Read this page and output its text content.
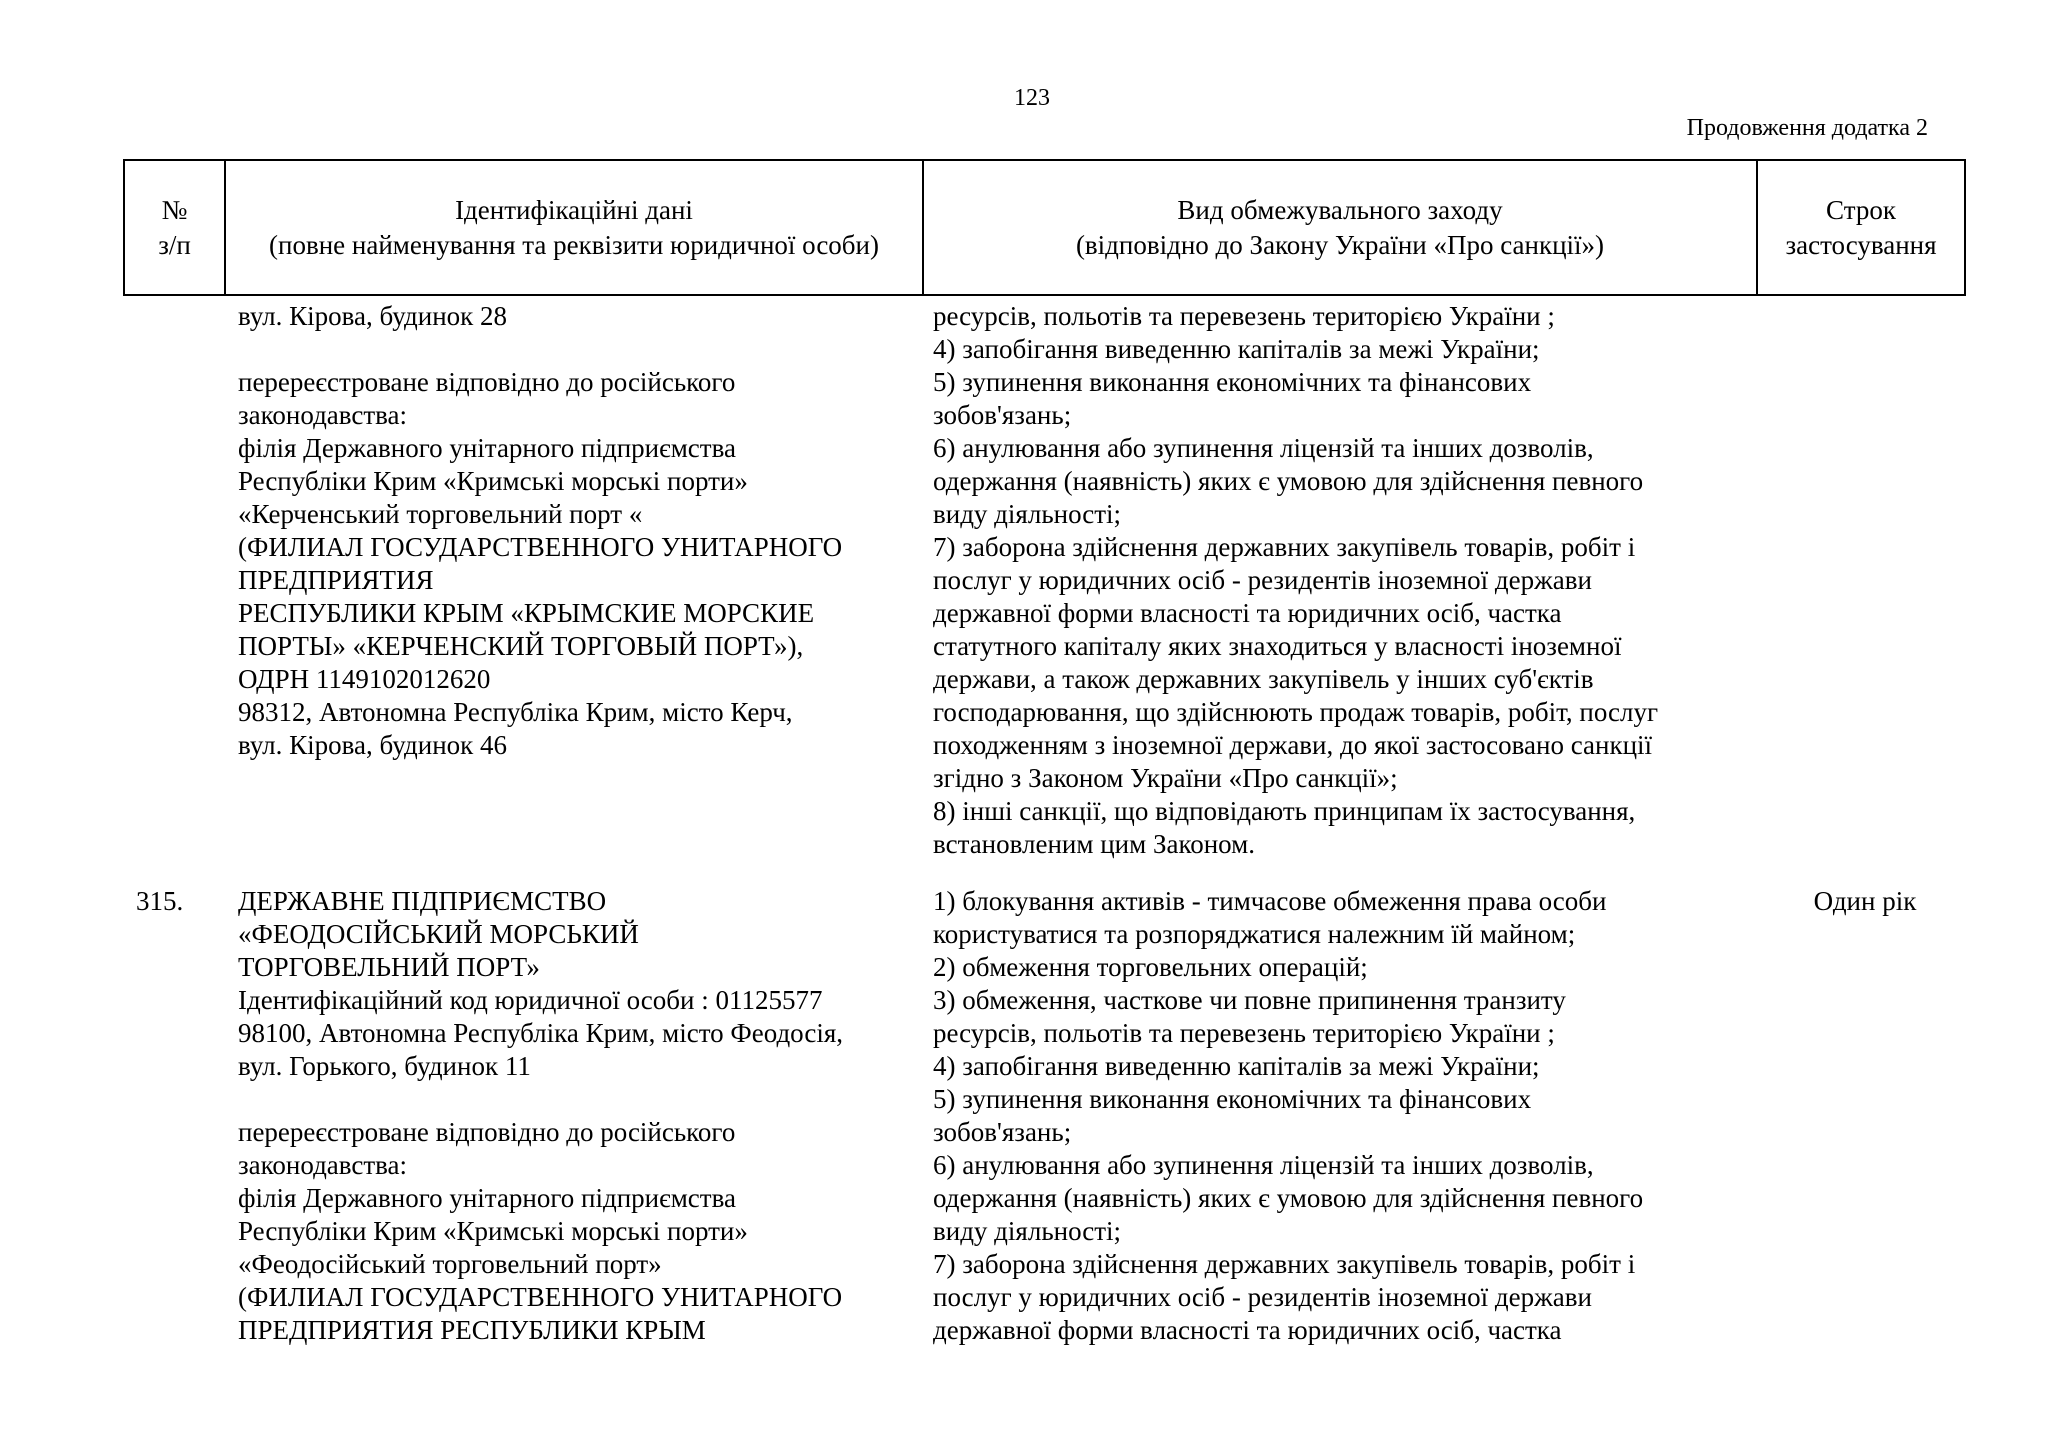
123
Продовження додатка 2
№
з/п
Ідентифікаційні дані
(повне найменування та реквізити юридичної особи)
Вид обмежувального заходу
(відповідно до Закону України «Про санкції»)
Строк
застосування
вул. Кірова, будинок 28
перереєстроване відповідно до російського
законодавства:
філія Державного унітарного підприємства
Республіки Крим «Кримські морські порти»
«Керченський торговельний порт «
(ФИЛИАЛ ГОСУДАРСТВЕННОГО УНИТАРНОГО
ПРЕДПРИЯТИЯ
РЕСПУБЛИКИ КРЫМ «КРЫМСКИЕ МОРСКИЕ
ПОРТЫ» «КЕРЧЕНСКИЙ ТОРГОВЫЙ ПОРТ»),
ОДРН 1149102012620
98312, Автономна Республіка Крим, місто Керч,
вул. Кірова, будинок 46
ресурсів, польотів та перевезень територією України ;
4) запобігання виведенню капіталів за межі України;
5) зупинення виконання економічних та фінансових
зобов'язань;
6) анулювання або зупинення ліцензій та інших дозволів,
одержання (наявність) яких є умовою для здійснення певного
виду діяльності;
7) заборона здійснення державних закупівель товарів, робіт і
послуг у юридичних осіб - резидентів іноземної держави
державної форми власності та юридичних осіб, частка
статутного капіталу яких знаходиться у власності іноземної
держави, а також державних закупівель у інших суб'єктів
господарювання, що здійснюють продаж товарів, робіт, послуг
походженням з іноземної держави, до якої застосовано санкції
згідно з Законом України «Про санкції»;
8) інші санкції, що відповідають принципам їх застосування,
встановленим цим Законом.
315. ДЕРЖАВНЕ ПІДПРИЄМСТВО
«ФЕОДОСІЙСЬКИЙ МОРСЬКИЙ
ТОРГОВЕЛЬНИЙ ПОРТ»
Ідентифікаційний код юридичної особи : 01125577
98100, Автономна Республіка Крим, місто Феодосія,
вул. Горького, будинок 11
перереєстроване відповідно до російського
законодавства:
філія Державного унітарного підприємства
Республіки Крим «Кримські морські порти»
«Феодосійський торговельний порт»
(ФИЛИАЛ ГОСУДАРСТВЕННОГО УНИТАРНОГО
ПРЕДПРИЯТИЯ РЕСПУБЛИКИ КРЫМ
1) блокування активів - тимчасове обмеження права особи
користуватися та розпоряджатися належним їй майном;
2) обмеження торговельних операцій;
3) обмеження, часткове чи повне припинення транзиту
ресурсів, польотів та перевезень територією України ;
4) запобігання виведенню капіталів за межі України;
5) зупинення виконання економічних та фінансових
зобов'язань;
6) анулювання або зупинення ліцензій та інших дозволів,
одержання (наявність) яких є умовою для здійснення певного
виду діяльності;
7) заборона здійснення державних закупівель товарів, робіт і
послуг у юридичних осіб - резидентів іноземної держави
державної форми власності та юридичних осіб, частка
Один рік
